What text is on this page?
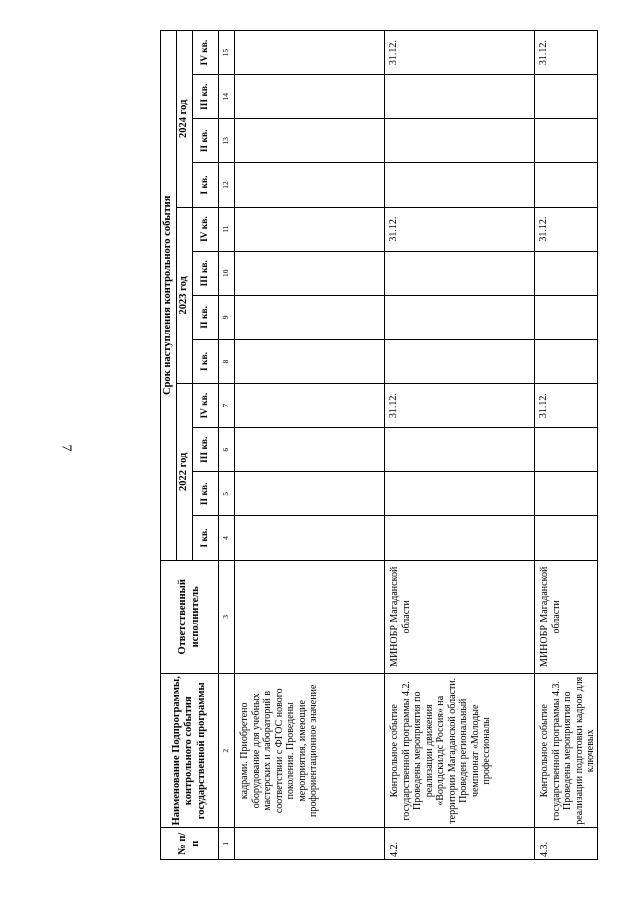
7
№ п/п	Наименование Подпрограммы, контрольного события государственной программы	Ответственный исполнитель	Срок наступления контрольного события											
			2022 год				2023 год				2024 год			
			I кв.	II кв.	III кв.	IV кв.	I кв.	II кв.	III кв.	IV кв.	I кв.	II кв.	III кв.	IV кв.
1	2	3	4	5	6	7	8	9	10	11	12	13	14	15
	кадрами. Приобретено оборудование для учебных мастерских и лабораторий в соответствии с ФГОС нового поколения. Проведены мероприятия, имеющие профориентационное значение													
4.2.	Контрольное событие государственной программы 4.2. Проведены мероприятия по реализации движения «Ворлдскилдс Россия» на территории Магаданской области. Проведен региональный чемпионат «Молодые профессионалы	МИНОБР Магаданской области				31.12.				31.12.				31.12.
4.3.	Контрольное событие государственной программы 4.3. Проведены мероприятия по реализации подготовки кадров для ключевых	МИНОБР Магаданской области				31.12.				31.12.				31.12.
